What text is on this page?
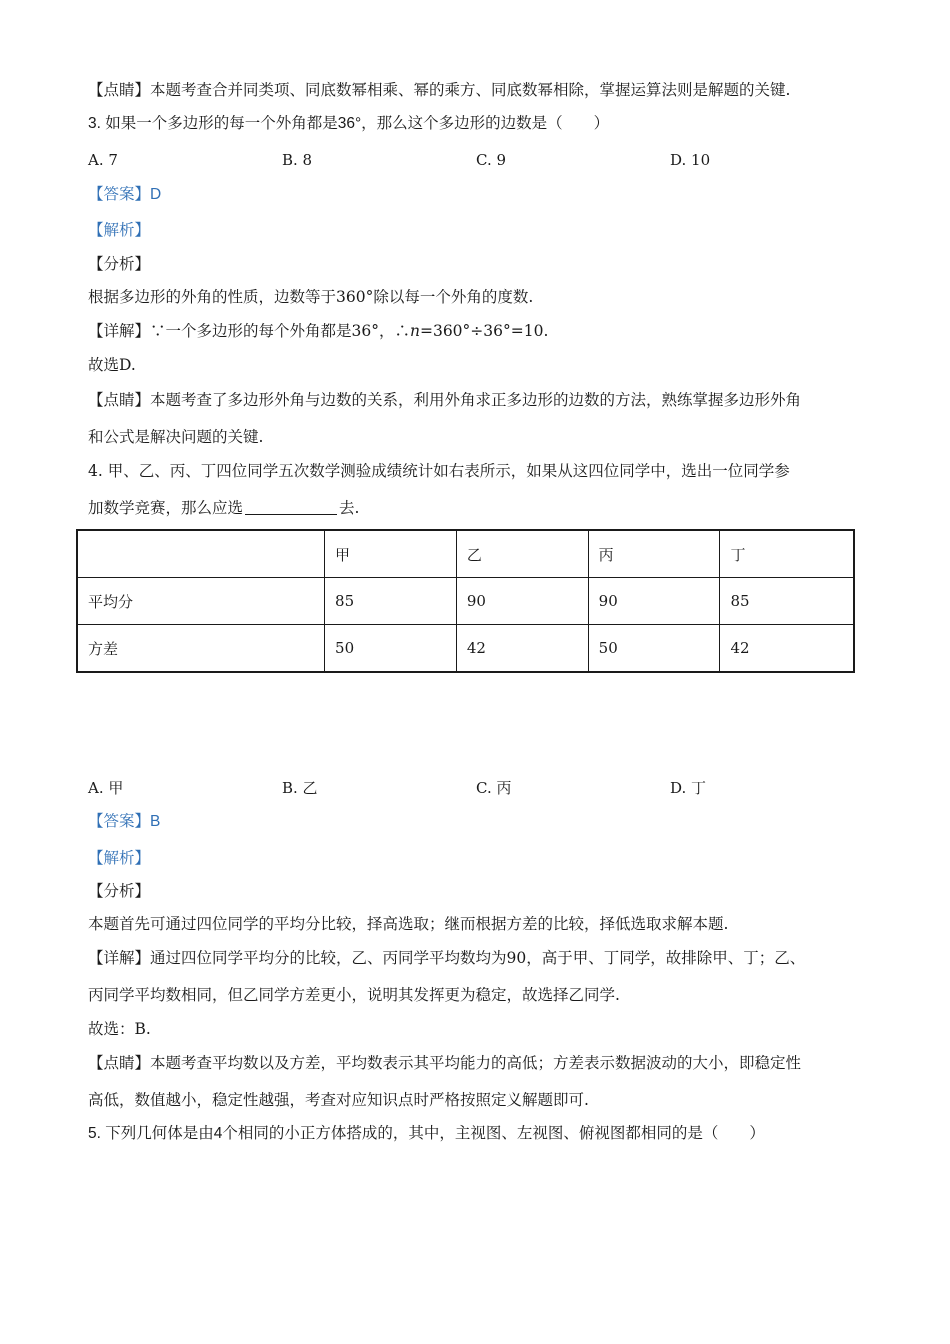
【点睛】本题考查合并同类项、同底数幂相乘、幂的乘方、同底数幂相除，掌握运算法则是解题的关键.
3. 如果一个多边形的每一个外角都是36°，那么这个多边形的边数是（　　）
A. 7	B. 8	C. 9	D. 10
【答案】D
【解析】
【分析】
根据多边形的外角的性质，边数等于360°除以每一个外角的度数.
【详解】∵一个多边形的每个外角都是36°，∴n=360°÷36°=10.
故选D.
【点睛】本题考查了多边形外角与边数的关系，利用外角求正多边形的边数的方法，熟练掌握多边形外角
和公式是解决问题的关键.
4. 甲、乙、丙、丁四位同学五次数学测验成绩统计如右表所示，如果从这四位同学中，选出一位同学参
加数学竞赛，那么应选	去.
	甲	乙	丙	丁
平均分	85	90	90	85
方差	50	42	50	42
A. 甲	B. 乙	C. 丙	D. 丁
【答案】B
【解析】
【分析】
本题首先可通过四位同学的平均分比较，择高选取；继而根据方差的比较，择低选取求解本题.
【详解】通过四位同学平均分的比较，乙、丙同学平均数均为90，高于甲、丁同学，故排除甲、丁；乙、
丙同学平均数相同，但乙同学方差更小，说明其发挥更为稳定，故选择乙同学.
故选：B.
【点睛】本题考查平均数以及方差，平均数表示其平均能力的高低；方差表示数据波动的大小，即稳定性
高低，数值越小，稳定性越强，考查对应知识点时严格按照定义解题即可.
5. 下列几何体是由4个相同的小正方体搭成的，其中，主视图、左视图、俯视图都相同的是（　　）
